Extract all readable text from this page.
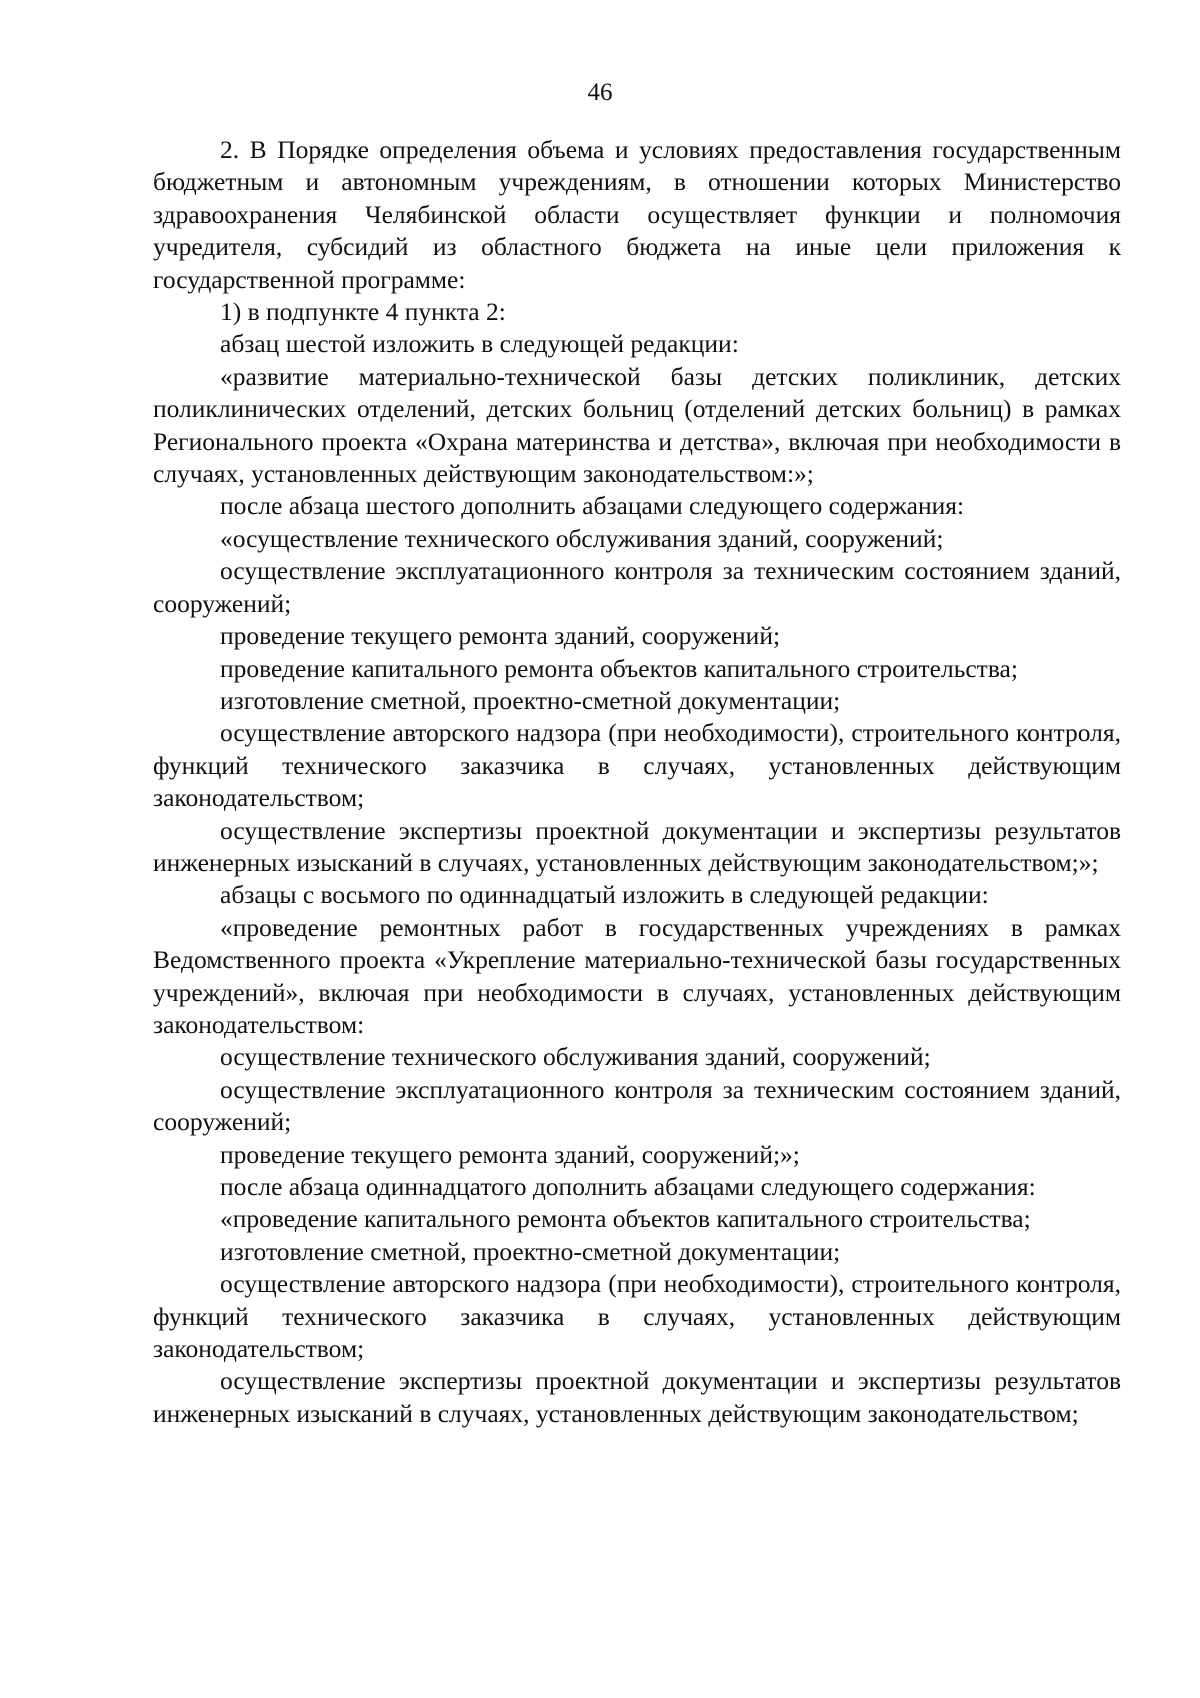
46

2. В Порядке определения объема и условиях предоставления государственным бюджетным и автономным учреждениям, в отношении которых Министерство здравоохранения Челябинской области осуществляет функции и полномочия учредителя, субсидий из областного бюджета на иные цели приложения к государственной программе:

1) в подпункте 4 пункта 2:

абзац шестой изложить в следующей редакции:

«развитие материально-технической базы детских поликлиник, детских поликлинических отделений, детских больниц (отделений детских больниц) в рамках Регионального проекта «Охрана материнства и детства», включая при необходимости в случаях, установленных действующим законодательством:»;

после абзаца шестого дополнить абзацами следующего содержания:

«осуществление технического обслуживания зданий, сооружений;

осуществление эксплуатационного контроля за техническим состоянием зданий, сооружений;

проведение текущего ремонта зданий, сооружений;

проведение капитального ремонта объектов капитального строительства;

изготовление сметной, проектно-сметной документации;

осуществление авторского надзора (при необходимости), строительного контроля, функций технического заказчика в случаях, установленных действующим законодательством;

осуществление экспертизы проектной документации и экспертизы результатов инженерных изысканий в случаях, установленных действующим законодательством;»;

абзацы с восьмого по одиннадцатый изложить в следующей редакции:

«проведение ремонтных работ в государственных учреждениях в рамках Ведомственного проекта «Укрепление материально-технической базы государственных учреждений», включая при необходимости в случаях, установленных действующим законодательством:

осуществление технического обслуживания зданий, сооружений;

осуществление эксплуатационного контроля за техническим состоянием зданий, сооружений;

проведение текущего ремонта зданий, сооружений;»;

после абзаца одиннадцатого дополнить абзацами следующего содержания:

«проведение капитального ремонта объектов капитального строительства;

изготовление сметной, проектно-сметной документации;

осуществление авторского надзора (при необходимости), строительного контроля, функций технического заказчика в случаях, установленных действующим законодательством;

осуществление экспертизы проектной документации и экспертизы результатов инженерных изысканий в случаях, установленных действующим законодательством;
